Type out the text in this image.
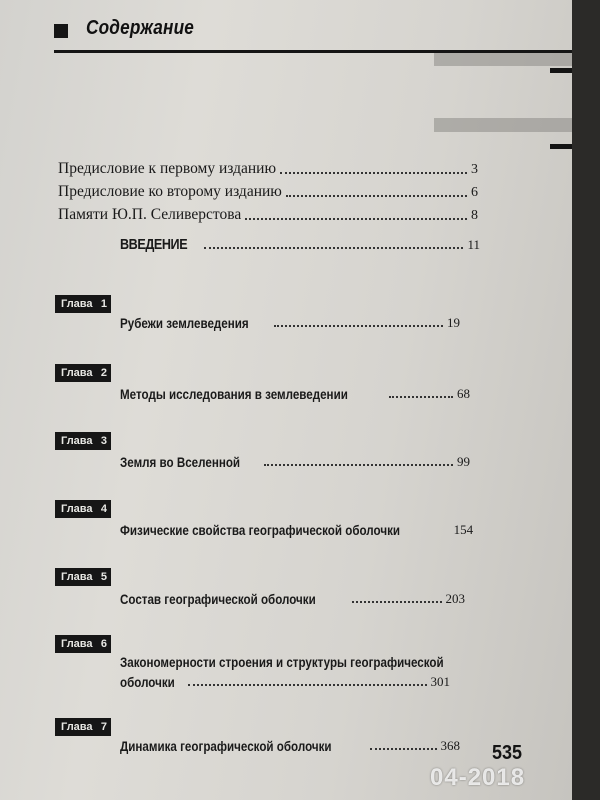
Содержание
Предисловие к первому изданию	3
Предисловие ко второму изданию	6
Памяти Ю.П. Селиверстова	8
ВВЕДЕНИЕ	11
Глава 1
Рубежи землеведения	19
Глава 2
Методы исследования в землеведении	68
Глава 3
Земля во Вселенной	99
Глава 4
Физические свойства географической оболочки	154
Глава 5
Состав географической оболочки	203
Глава 6
Закономерности строения и структуры географической
оболочки	301
Глава 7
Динамика географической оболочки	368 535
04-2018
